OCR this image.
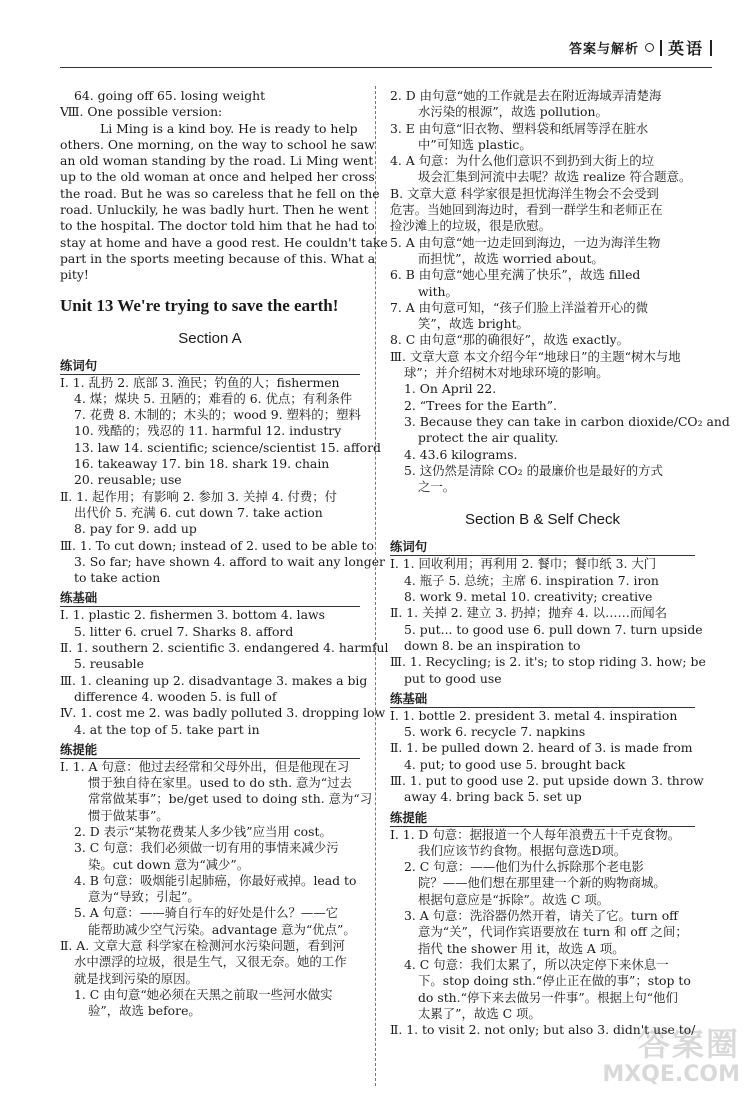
答案与解析 英语
64. going off 65. losing weight
Ⅷ. One possible version:
Li Ming is a kind boy. He is ready to help
others. One morning, on the way to school he saw
an old woman standing by the road. Li Ming went
up to the old woman at once and helped her cross
the road. But he was so careless that he fell on the
road. Unluckily, he was badly hurt. Then he went
to the hospital. The doctor told him that he had to
stay at home and have a good rest. He couldn't take
part in the sports meeting because of this. What a
pity!
Unit 13 We're trying to save the earth!
Section A
练词句
Ⅰ. 1. 乱扔 2. 底部 3. 渔民；钓鱼的人；fishermen
4. 煤；煤块 5. 丑陋的；难看的 6. 优点；有利条件
7. 花费 8. 木制的；木头的；wood 9. 塑料的；塑料
10. 残酷的；残忍的 11. harmful 12. industry
13. law 14. scientific; science/scientist 15. afford
16. takeaway 17. bin 18. shark 19. chain
20. reusable; use
Ⅱ. 1. 起作用；有影响 2. 参加 3. 关掉 4. 付费；付
出代价 5. 充满 6. cut down 7. take action
8. pay for 9. add up
Ⅲ. 1. To cut down; instead of 2. used to be able to
3. So far; have shown 4. afford to wait any longer
to take action
练基础
Ⅰ. 1. plastic 2. fishermen 3. bottom 4. laws
5. litter 6. cruel 7. Sharks 8. afford
Ⅱ. 1. southern 2. scientific 3. endangered 4. harmful
5. reusable
Ⅲ. 1. cleaning up 2. disadvantage 3. makes a big
difference 4. wooden 5. is full of
Ⅳ. 1. cost me 2. was badly polluted 3. dropping low
4. at the top of 5. take part in
练提能
Ⅰ. 1. A 句意：他过去经常和父母外出，但是他现在习
惯于独自待在家里。used to do sth. 意为“过去
常常做某事”；be/get used to doing sth. 意为“习
惯于做某事”。
2. D 表示“某物花费某人多少钱”应当用 cost。
3. C 句意：我们必须做一切有用的事情来减少污
染。cut down 意为“减少”。
4. B 句意：吸烟能引起肺癌，你最好戒掉。lead to
意为“导致；引起”。
5. A 句意：——骑自行车的好处是什么？——它
能帮助减少空气污染。advantage 意为“优点”。
Ⅱ. A. 文章大意 科学家在检测河水污染问题，看到河
水中漂浮的垃圾，很是生气，又很无奈。她的工作
就是找到污染的原因。
1. C 由句意“她必须在天黑之前取一些河水做实
验”，故选 before。
2. D 由句意“她的工作就是去在附近海域弄清楚海
水污染的根源”，故选 pollution。
3. E 由句意“旧衣物、塑料袋和纸屑等浮在脏水
中”可知选 plastic。
4. A 句意：为什么他们意识不到扔到大街上的垃
圾会汇集到河流中去呢？故选 realize 符合题意。
B. 文章大意 科学家很是担忧海洋生物会不会受到
危害。当她回到海边时，看到一群学生和老师正在
捡沙滩上的垃圾，很是欣慰。
5. A 由句意“她一边走回到海边，一边为海洋生物
而担忧”，故选 worried about。
6. B 由句意“她心里充满了快乐”，故选 filled
with。
7. A 由句意可知，“孩子们脸上洋溢着开心的微
笑”，故选 bright。
8. C 由句意“那的确很好”，故选 exactly。
Ⅲ. 文章大意 本文介绍今年“地球日”的主题“树木与地
球”；并介绍树木对地球环境的影响。
1. On April 22.
2. “Trees for the Earth”.
3. Because they can take in carbon dioxide/CO₂ and
protect the air quality.
4. 43.6 kilograms.
5. 这仍然是清除 CO₂ 的最廉价也是最好的方式
之一。
Section B & Self Check
练词句
Ⅰ. 1. 回收利用；再利用 2. 餐巾；餐巾纸 3. 大门
4. 瓶子 5. 总统；主席 6. inspiration 7. iron
8. work 9. metal 10. creativity; creative
Ⅱ. 1. 关掉 2. 建立 3. 扔掉；抛弃 4. 以……而闻名
5. put... to good use 6. pull down 7. turn upside
down 8. be an inspiration to
Ⅲ. 1. Recycling; is 2. it's; to stop riding 3. how; be
put to good use
练基础
Ⅰ. 1. bottle 2. president 3. metal 4. inspiration
5. work 6. recycle 7. napkins
Ⅱ. 1. be pulled down 2. heard of 3. is made from
4. put; to good use 5. brought back
Ⅲ. 1. put to good use 2. put upside down 3. throw
away 4. bring back 5. set up
练提能
Ⅰ. 1. D 句意：据报道一个人每年浪费五十千克食物。
我们应该节约食物。根据句意选D项。
2. C 句意：——他们为什么拆除那个老电影
院？——他们想在那里建一个新的购物商城。
根据句意应是“拆除”。故选 C 项。
3. A 句意：洗浴器仍然开着，请关了它。turn off
意为“关”，代词作宾语要放在 turn 和 off 之间；
指代 the shower 用 it，故选 A 项。
4. C 句意：我们太累了，所以决定停下来休息一
下。stop doing sth.“停止正在做的事”；stop to
do sth.“停下来去做另一件事”。根据上句“他们
太累了”，故选 C 项。
Ⅱ. 1. to visit 2. not only; but also 3. didn't use to/
答案圈
MXQE.COM
